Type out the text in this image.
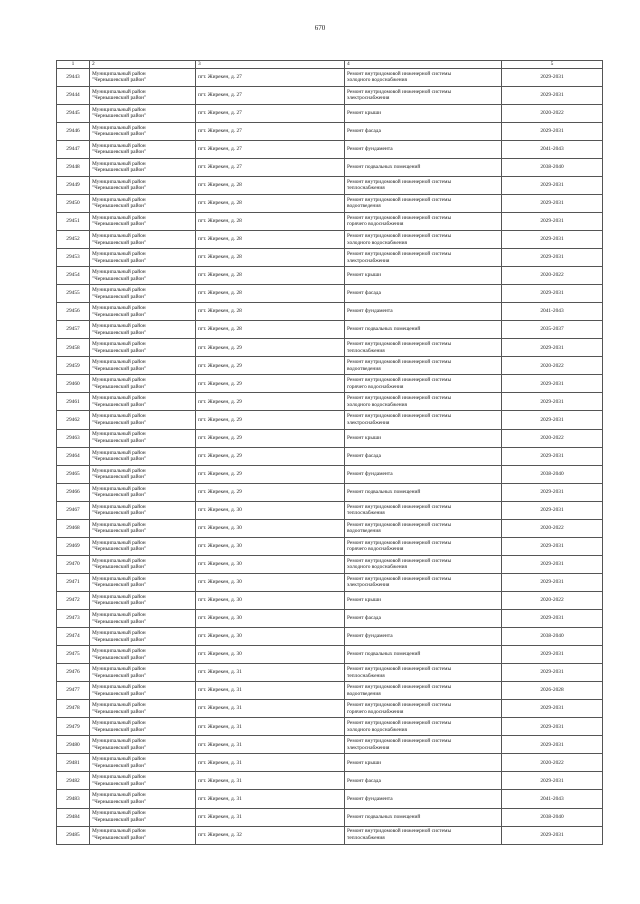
670
1	2	3	4	5
29443	Муниципальный район
"Чернышевский район"	пгт. Жирекен, д. 27	Ремонт внутридомовой инженерной системы
холодного водоснабжения	2029-2031
29444	Муниципальный район
"Чернышевский район"	пгт. Жирекен, д. 27	Ремонт внутридомовой инженерной системы
электроснабжения	2029-2031
29445	Муниципальный район
"Чернышевский район"	пгт. Жирекен, д. 27	Ремонт крыши	2020-2022
29446	Муниципальный район
"Чернышевский район"	пгт. Жирекен, д. 27	Ремонт фасада	2029-2031
29447	Муниципальный район
"Чернышевский район"	пгт. Жирекен, д. 27	Ремонт фундамента	2041-2043
29448	Муниципальный район
"Чернышевский район"	пгт. Жирекен, д. 27	Ремонт подвальных помещений	2038-2040
29449	Муниципальный район
"Чернышевский район"	пгт. Жирекен, д. 28	Ремонт внутридомовой инженерной системы
теплоснабжения	2029-2031
29450	Муниципальный район
"Чернышевский район"	пгт. Жирекен, д. 28	Ремонт внутридомовой инженерной системы
водоотведения	2029-2031
29451	Муниципальный район
"Чернышевский район"	пгт. Жирекен, д. 28	Ремонт внутридомовой инженерной системы
горячего водоснабжения	2029-2031
29452	Муниципальный район
"Чернышевский район"	пгт. Жирекен, д. 28	Ремонт внутридомовой инженерной системы
холодного водоснабжения	2029-2031
29453	Муниципальный район
"Чернышевский район"	пгт. Жирекен, д. 28	Ремонт внутридомовой инженерной системы
электроснабжения	2029-2031
29454	Муниципальный район
"Чернышевский район"	пгт. Жирекен, д. 28	Ремонт крыши	2020-2022
29455	Муниципальный район
"Чернышевский район"	пгт. Жирекен, д. 28	Ремонт фасада	2029-2031
29456	Муниципальный район
"Чернышевский район"	пгт. Жирекен, д. 28	Ремонт фундамента	2041-2043
29457	Муниципальный район
"Чернышевский район"	пгт. Жирекен, д. 28	Ремонт подвальных помещений	2035-2037
29458	Муниципальный район
"Чернышевский район"	пгт. Жирекен, д. 29	Ремонт внутридомовой инженерной системы
теплоснабжения	2029-2031
29459	Муниципальный район
"Чернышевский район"	пгт. Жирекен, д. 29	Ремонт внутридомовой инженерной системы
водоотведения	2020-2022
29460	Муниципальный район
"Чернышевский район"	пгт. Жирекен, д. 29	Ремонт внутридомовой инженерной системы
горячего водоснабжения	2029-2031
29461	Муниципальный район
"Чернышевский район"	пгт. Жирекен, д. 29	Ремонт внутридомовой инженерной системы
холодного водоснабжения	2029-2031
29462	Муниципальный район
"Чернышевский район"	пгт. Жирекен, д. 29	Ремонт внутридомовой инженерной системы
электроснабжения	2029-2031
29463	Муниципальный район
"Чернышевский район"	пгт. Жирекен, д. 29	Ремонт крыши	2020-2022
29464	Муниципальный район
"Чернышевский район"	пгт. Жирекен, д. 29	Ремонт фасада	2029-2031
29465	Муниципальный район
"Чернышевский район"	пгт. Жирекен, д. 29	Ремонт фундамента	2038-2040
29466	Муниципальный район
"Чернышевский район"	пгт. Жирекен, д. 29	Ремонт подвальных помещений	2029-2031
29467	Муниципальный район
"Чернышевский район"	пгт. Жирекен, д. 30	Ремонт внутридомовой инженерной системы
теплоснабжения	2029-2031
29468	Муниципальный район
"Чернышевский район"	пгт. Жирекен, д. 30	Ремонт внутридомовой инженерной системы
водоотведения	2020-2022
29469	Муниципальный район
"Чернышевский район"	пгт. Жирекен, д. 30	Ремонт внутридомовой инженерной системы
горячего водоснабжения	2029-2031
29470	Муниципальный район
"Чернышевский район"	пгт. Жирекен, д. 30	Ремонт внутридомовой инженерной системы
холодного водоснабжения	2029-2031
29471	Муниципальный район
"Чернышевский район"	пгт. Жирекен, д. 30	Ремонт внутридомовой инженерной системы
электроснабжения	2029-2031
29472	Муниципальный район
"Чернышевский район"	пгт. Жирекен, д. 30	Ремонт крыши	2020-2022
29473	Муниципальный район
"Чернышевский район"	пгт. Жирекен, д. 30	Ремонт фасада	2029-2031
29474	Муниципальный район
"Чернышевский район"	пгт. Жирекен, д. 30	Ремонт фундамента	2038-2040
29475	Муниципальный район
"Чернышевский район"	пгт. Жирекен, д. 30	Ремонт подвальных помещений	2029-2031
29476	Муниципальный район
"Чернышевский район"	пгт. Жирекен, д. 31	Ремонт внутридомовой инженерной системы
теплоснабжения	2029-2031
29477	Муниципальный район
"Чернышевский район"	пгт. Жирекен, д. 31	Ремонт внутридомовой инженерной системы
водоотведения	2026-2028
29478	Муниципальный район
"Чернышевский район"	пгт. Жирекен, д. 31	Ремонт внутридомовой инженерной системы
горячего водоснабжения	2029-2031
29479	Муниципальный район
"Чернышевский район"	пгт. Жирекен, д. 31	Ремонт внутридомовой инженерной системы
холодного водоснабжения	2029-2031
29480	Муниципальный район
"Чернышевский район"	пгт. Жирекен, д. 31	Ремонт внутридомовой инженерной системы
электроснабжения	2029-2031
29481	Муниципальный район
"Чернышевский район"	пгт. Жирекен, д. 31	Ремонт крыши	2020-2022
29482	Муниципальный район
"Чернышевский район"	пгт. Жирекен, д. 31	Ремонт фасада	2029-2031
29483	Муниципальный район
"Чернышевский район"	пгт. Жирекен, д. 31	Ремонт фундамента	2041-2043
29484	Муниципальный район
"Чернышевский район"	пгт. Жирекен, д. 31	Ремонт подвальных помещений	2038-2040
29485	Муниципальный район
"Чернышевский район"	пгт. Жирекен, д. 32	Ремонт внутридомовой инженерной системы
теплоснабжения	2029-2031
